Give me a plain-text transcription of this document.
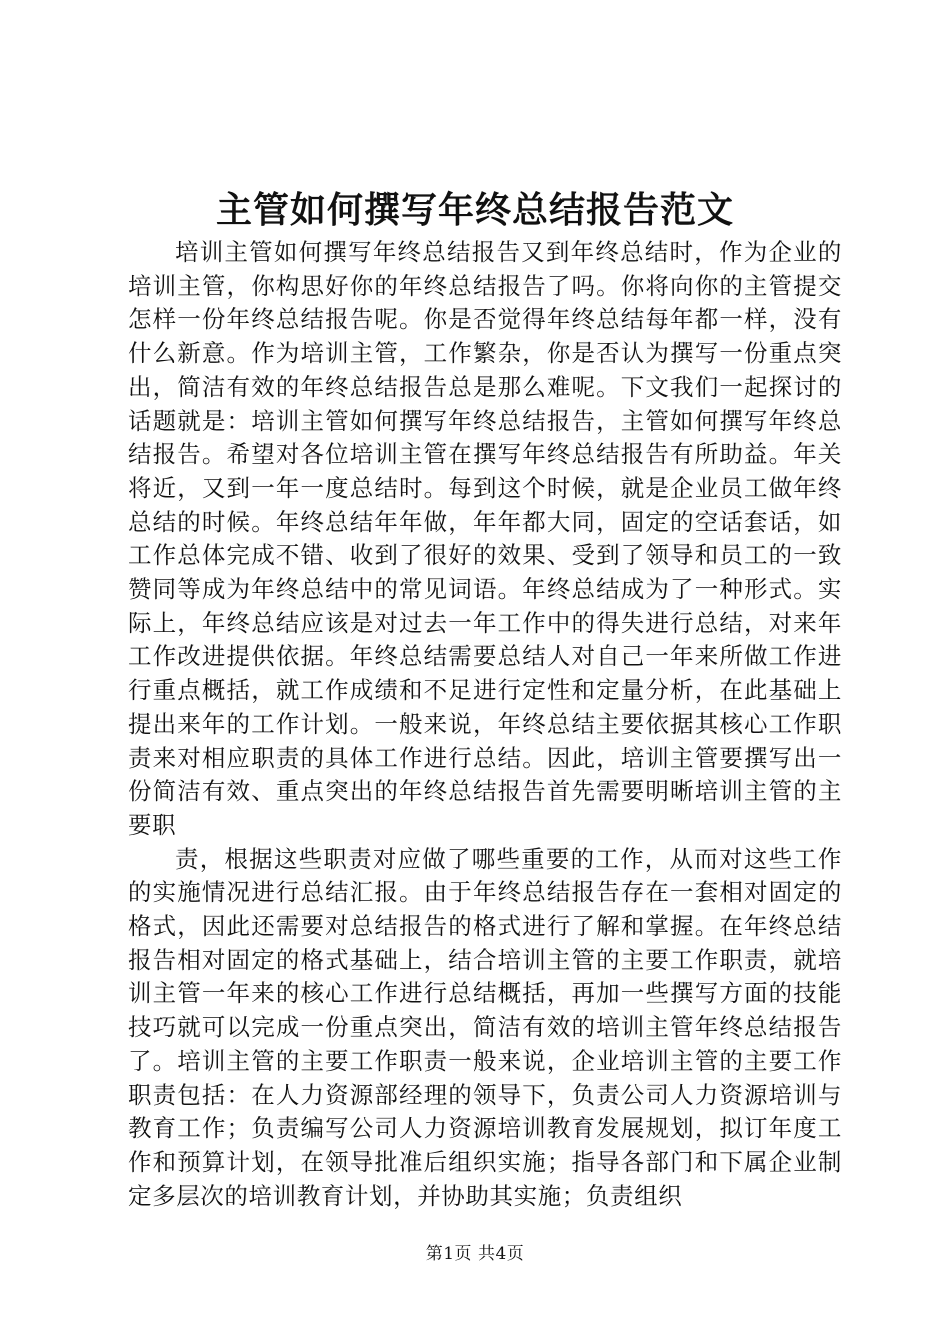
主管如何撰写年终总结报告范文

培训主管如何撰写年终总结报告又到年终总结时，作为企业的培训主管，你构思好你的年终总结报告了吗。你将向你的主管提交怎样一份年终总结报告呢。你是否觉得年终总结每年都一样，没有什么新意。作为培训主管，工作繁杂，你是否认为撰写一份重点突出，简洁有效的年终总结报告总是那么难呢。下文我们一起探讨的话题就是：培训主管如何撰写年终总结报告，主管如何撰写年终总结报告。希望对各位培训主管在撰写年终总结报告有所助益。年关将近，又到一年一度总结时。每到这个时候，就是企业员工做年终总结的时候。年终总结年年做，年年都大同，固定的空话套话，如工作总体完成不错、收到了很好的效果、受到了领导和员工的一致赞同等成为年终总结中的常见词语。年终总结成为了一种形式。实际上，年终总结应该是对过去一年工作中的得失进行总结，对来年工作改进提供依据。年终总结需要总结人对自己一年来所做工作进行重点概括，就工作成绩和不足进行定性和定量分析，在此基础上提出来年的工作计划。一般来说，年终总结主要依据其核心工作职责来对相应职责的具体工作进行总结。因此，培训主管要撰写出一份简洁有效、重点突出的年终总结报告首先需要明晰培训主管的主要职

责，根据这些职责对应做了哪些重要的工作，从而对这些工作的实施情况进行总结汇报。由于年终总结报告存在一套相对固定的格式，因此还需要对总结报告的格式进行了解和掌握。在年终总结报告相对固定的格式基础上，结合培训主管的主要工作职责，就培训主管一年来的核心工作进行总结概括，再加一些撰写方面的技能技巧就可以完成一份重点突出，简洁有效的培训主管年终总结报告了。培训主管的主要工作职责一般来说，企业培训主管的主要工作职责包括：在人力资源部经理的领导下，负责公司人力资源培训与教育工作；负责编写公司人力资源培训教育发展规划，拟订年度工作和预算计划，在领导批准后组织实施；指导各部门和下属企业制定多层次的培训教育计划，并协助其实施；负责组织

第1页 共4页
